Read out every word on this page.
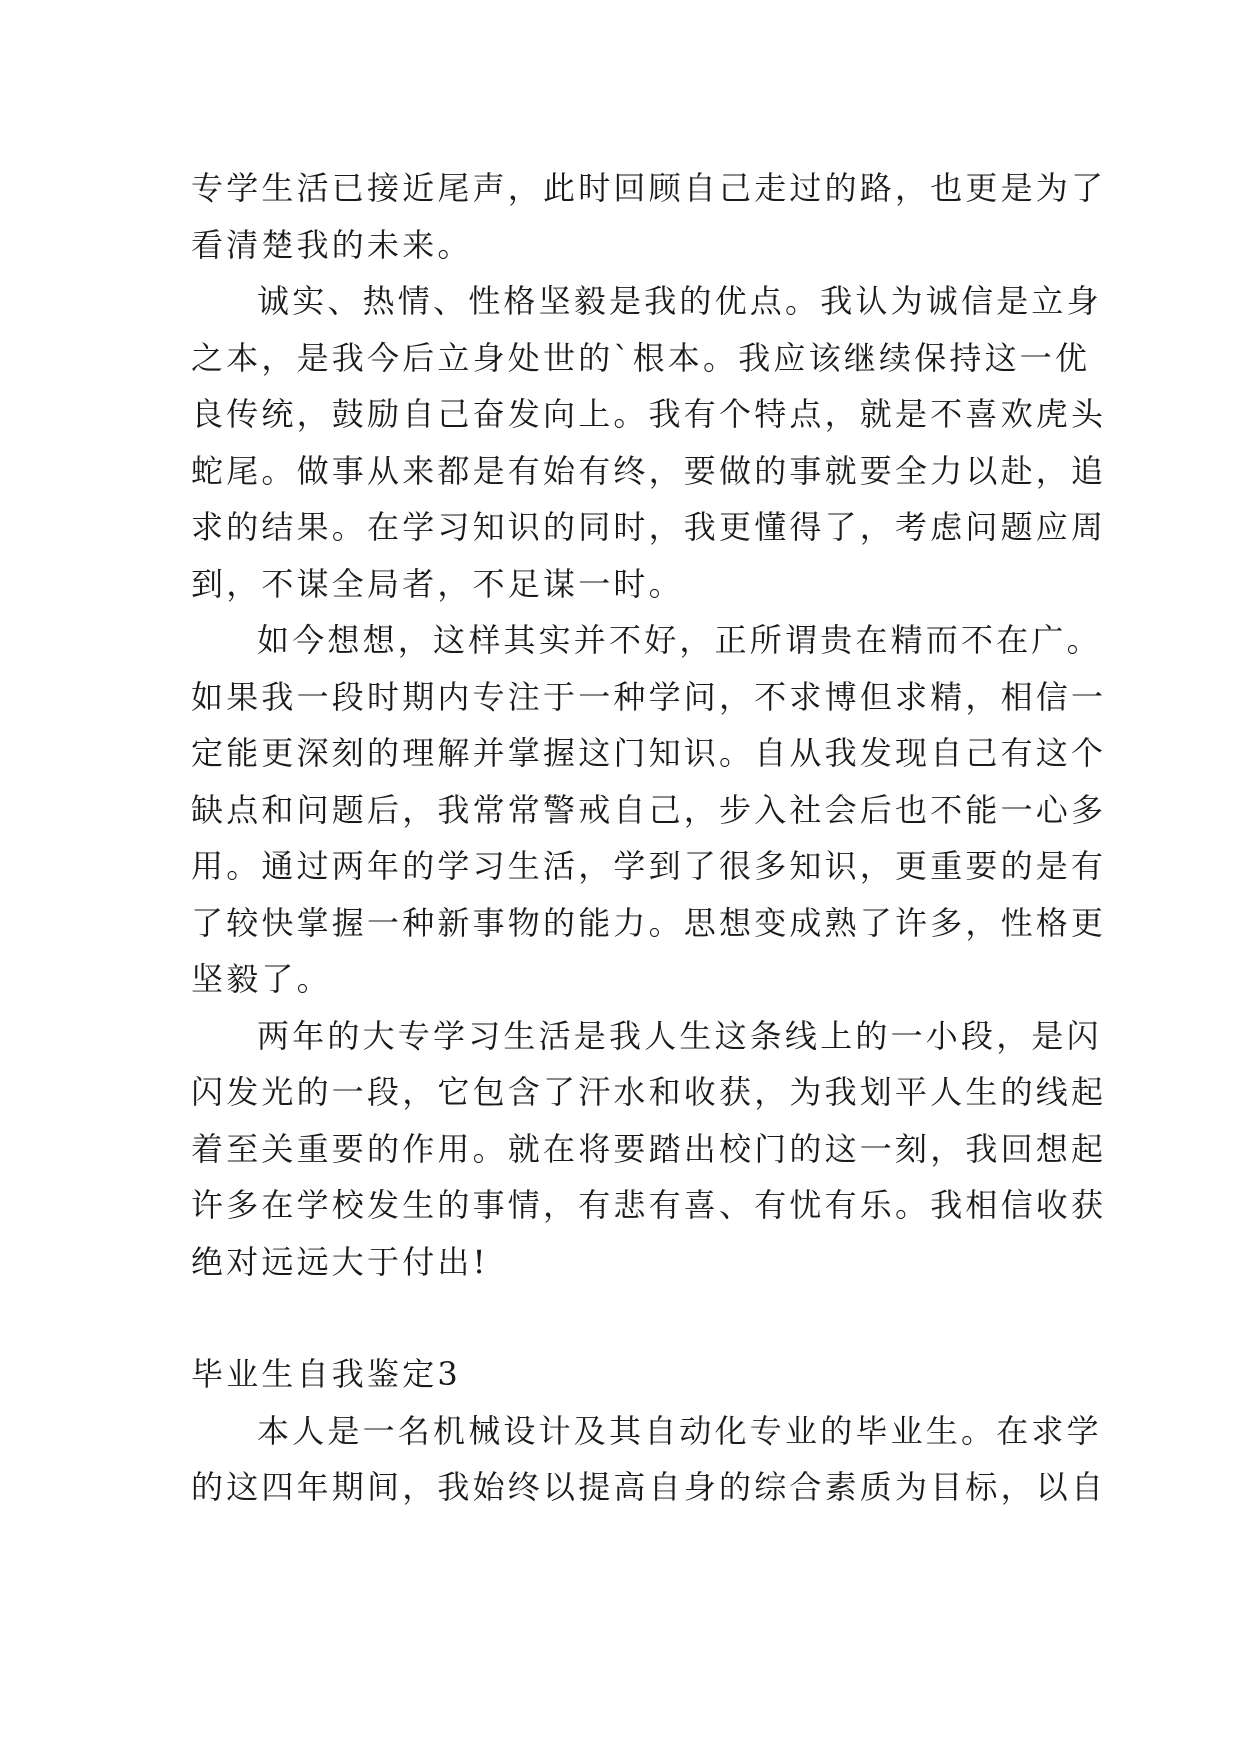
专学生活已接近尾声，此时回顾自己走过的路，也更是为了
看清楚我的未来。
诚实、热情、性格坚毅是我的优点。我认为诚信是立身
之本，是我今后立身处世的`根本。我应该继续保持这一优
良传统，鼓励自己奋发向上。我有个特点，就是不喜欢虎头
蛇尾。做事从来都是有始有终，要做的事就要全力以赴，追
求的结果。在学习知识的同时，我更懂得了，考虑问题应周
到，不谋全局者，不足谋一时。
如今想想，这样其实并不好，正所谓贵在精而不在广。
如果我一段时期内专注于一种学问，不求博但求精，相信一
定能更深刻的理解并掌握这门知识。自从我发现自己有这个
缺点和问题后，我常常警戒自己，步入社会后也不能一心多
用。通过两年的学习生活，学到了很多知识，更重要的是有
了较快掌握一种新事物的能力。思想变成熟了许多，性格更
坚毅了。
两年的大专学习生活是我人生这条线上的一小段，是闪
闪发光的一段，它包含了汗水和收获，为我划平人生的线起
着至关重要的作用。就在将要踏出校门的这一刻，我回想起
许多在学校发生的事情，有悲有喜、有忧有乐。我相信收获
绝对远远大于付出!
毕业生自我鉴定3
本人是一名机械设计及其自动化专业的毕业生。在求学
的这四年期间，我始终以提高自身的综合素质为目标，以自
